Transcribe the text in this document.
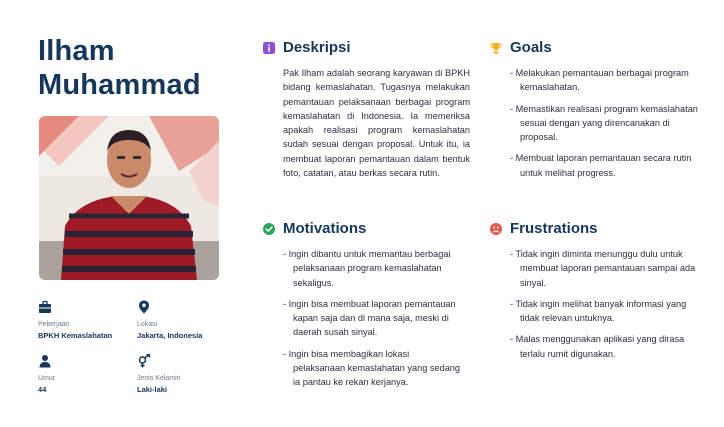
Ilham
Muhammad
Pekerjaan
BPKH Kemaslahatan
Lokasi
Jakarta, Indonesia
Umur
44
Jenis Kelamin
Laki-laki
Deskripsi

Pak Ilham adalah seorang karyawan di BPKH bidang kemaslahatan. Tugasnya melakukan pemantauan pelaksanaan berbagai program kemaslahatan di Indonesia. Ia memeriksa apakah realisasi program kemaslahatan sudah sesuai dengan proposal. Untuk itu, ia membuat laporan pemantauan dalam bentuk foto, catatan, atau berkas secara rutin.

Goals
- Melakukan pemantauan berbagai program kemaslahatan.
- Memastikan realisasi program kemaslahatan sesuai dengan yang direncanakan di proposal.
- Membuat laporan pemantauan secara rutin untuk melihat progress.
Motivations
- Ingin dibantu untuk memantau berbagai pelaksanaan program kemaslahatan sekaligus.
- Ingin bisa membuat laporan pemantauan kapan saja dan di mana saja, meski di daerah susah sinyal.
- Ingin bisa membagikan lokasi pelaksanaan kemaslahatan yang sedang ia pantau ke rekan kerjanya.
Frustrations
- Tidak ingin diminta menunggu dulu untuk membuat laporan pemantauan sampai ada sinyal.
- Tidak ingin melihat banyak informasi yang tidak relevan untuknya.
- Malas menggunakan aplikasi yang dirasa terlalu rumit digunakan.
